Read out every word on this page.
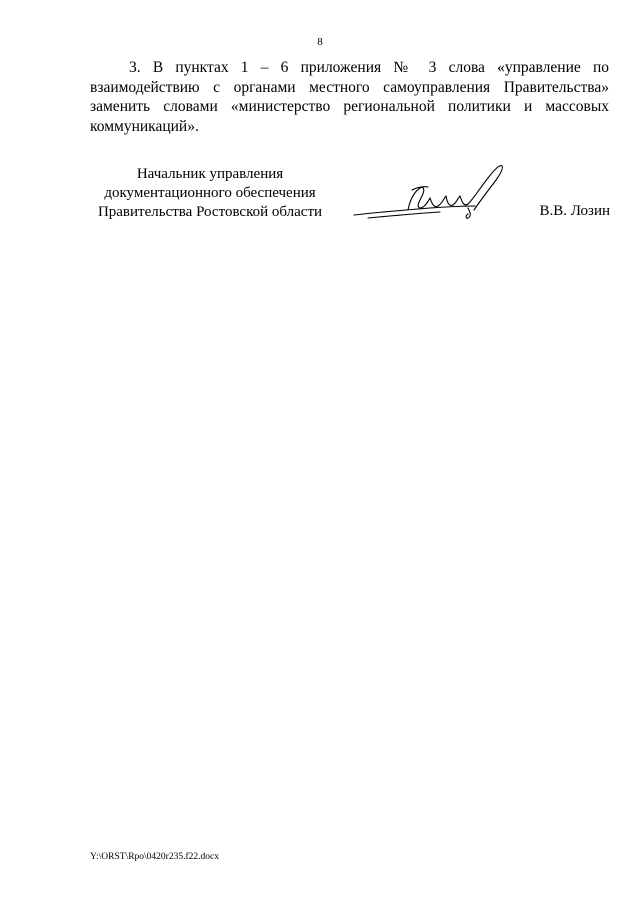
8
3. В пунктах 1 – 6 приложения № 3 слова «управление по взаимодействию с органами местного самоуправления Правительства» заменить словами «министерство региональной политики и массовых коммуникаций».
Начальник управления
документационного обеспечения
Правительства Ростовской области	В.В. Лозин
Y:\ORST\Rpo\0420r235.f22.docx
